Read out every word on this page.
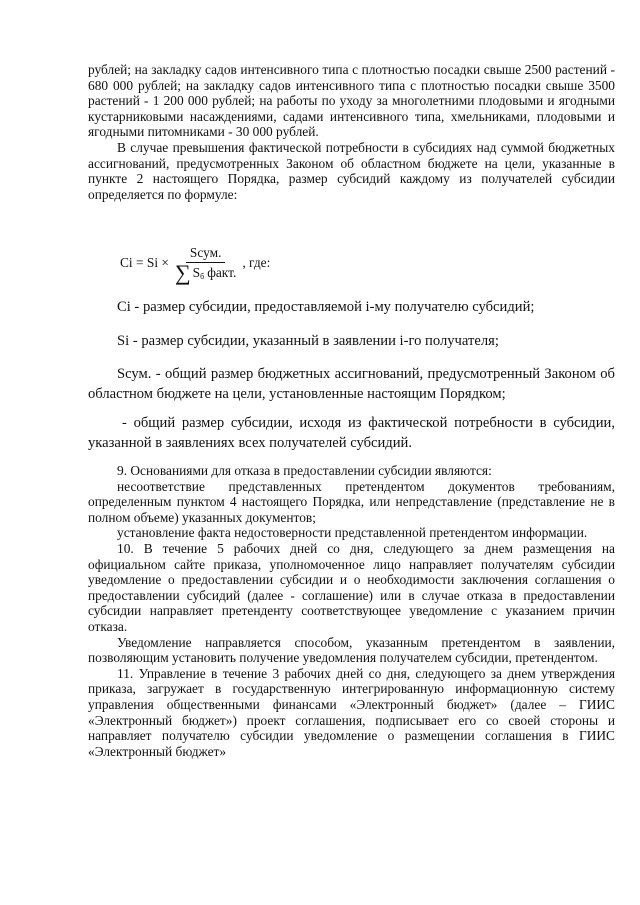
рублей; на закладку садов интенсивного типа с плотностью посадки свыше 2500 растений - 680 000 рублей; на закладку садов интенсивного типа с плотностью посадки свыше 3500 растений - 1 200 000 рублей; на работы по уходу за многолетними плодовыми и ягодными кустарниковыми насаждениями, садами интенсивного типа, хмельниками, плодовыми и ягодными питомниками - 30 000 рублей.

В случае превышения фактической потребности в субсидиях над суммой бюджетных ассигнований, предусмотренных Законом об областном бюджете на цели, указанные в пункте 2 настоящего Порядка, размер субсидий каждому из получателей субсидии определяется по формуле:

$Ci = Si \times \frac{\text{Sсум.}}{\text{∑ S б факт.}}$ , где:

Ci - размер субсидии, предоставляемой i-му получателю субсидий;

Si - размер субсидии, указанный в заявлении i-го получателя;

Sсум. - общий размер бюджетных ассигнований, предусмотренный Законом об областном бюджете на цели, установленные настоящим Порядком;

- общий размер субсидии, исходя из фактической потребности в субсидии, указанной в заявлениях всех получателей субсидий.

9. Основаниями для отказа в предоставлении субсидии являются:

несоответствие представленных претендентом документов требованиям, определенным пунктом 4 настоящего Порядка, или непредставление (представление не в полном объеме) указанных документов;

установление факта недостоверности представленной претендентом информации.

10. В течение 5 рабочих дней со дня, следующего за днем размещения на официальном сайте приказа, уполномоченное лицо направляет получателям субсидии уведомление о предоставлении субсидии и о необходимости заключения соглашения о предоставлении субсидий (далее - соглашение) или в случае отказа в предоставлении субсидии направляет претенденту соответствующее уведомление с указанием причин отказа.

Уведомление направляется способом, указанным претендентом в заявлении, позволяющим установить получение уведомления получателем субсидии, претендентом.

11. Управление в течение 3 рабочих дней со дня, следующего за днем утверждения приказа, загружает в государственную интегрированную информационную систему управления общественными финансами «Электронный бюджет» (далее – ГИИС «Электронный бюджет») проект соглашения, подписывает его со своей стороны и направляет получателю субсидии уведомление о размещении соглашения в ГИИС «Электронный бюджет»
